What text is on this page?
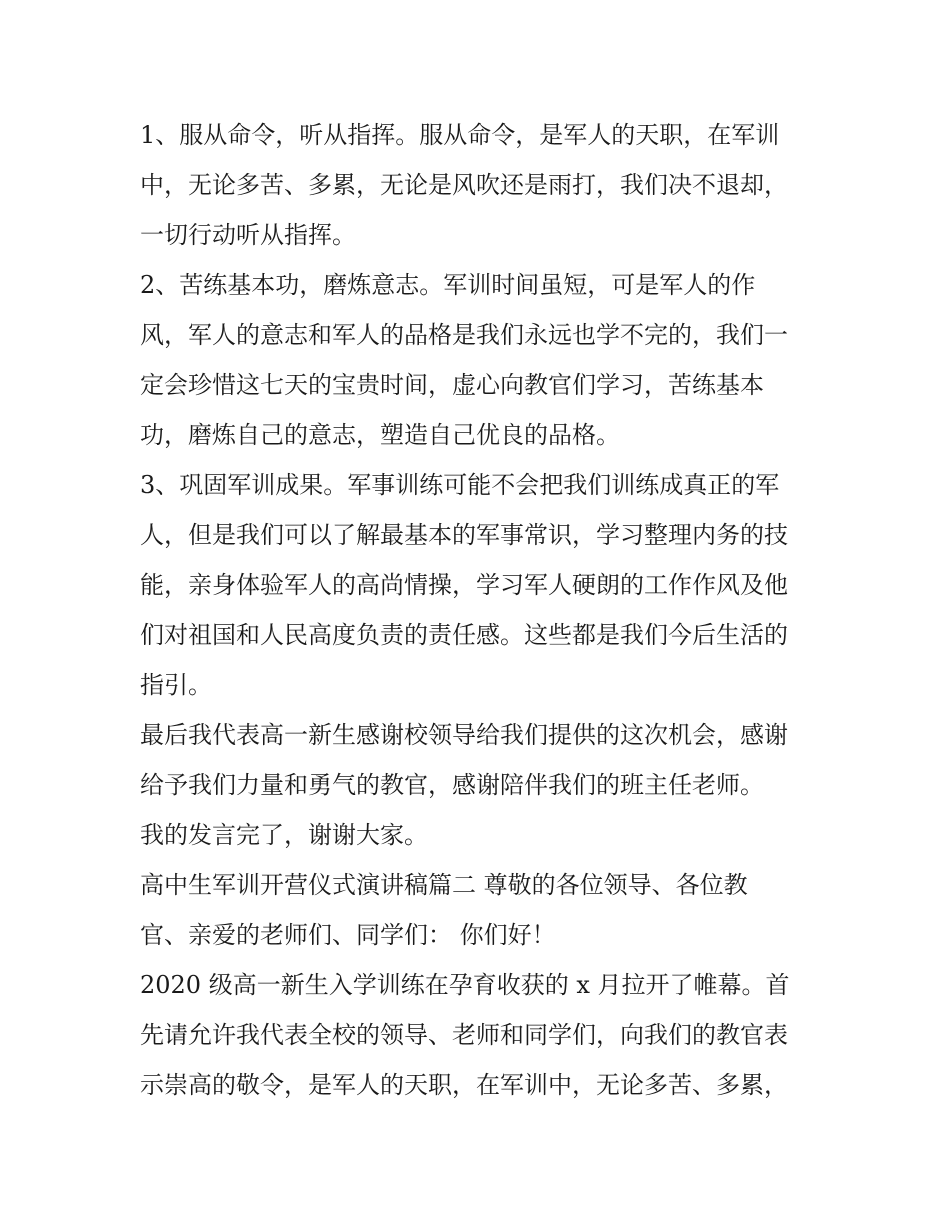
1、服从命令，听从指挥。服从命令，是军人的天职，在军训
中，无论多苦、多累，无论是风吹还是雨打，我们决不退却，
一切行动听从指挥。
2、苦练基本功，磨炼意志。军训时间虽短，可是军人的作
风，军人的意志和军人的品格是我们永远也学不完的，我们一
定会珍惜这七天的宝贵时间，虚心向教官们学习，苦练基本
功，磨炼自己的意志，塑造自己优良的品格。
3、巩固军训成果。军事训练可能不会把我们训练成真正的军
人，但是我们可以了解最基本的军事常识，学习整理内务的技
能，亲身体验军人的高尚情操，学习军人硬朗的工作作风及他
们对祖国和人民高度负责的责任感。这些都是我们今后生活的
指引。
最后我代表高一新生感谢校领导给我们提供的这次机会，感谢
给予我们力量和勇气的教官，感谢陪伴我们的班主任老师。
我的发言完了，谢谢大家。
高中生军训开营仪式演讲稿篇二 尊敬的各位领导、各位教
官、亲爱的老师们、同学们： 你们好！
2020 级高一新生入学训练在孕育收获的 x 月拉开了帷幕。首
先请允许我代表全校的领导、老师和同学们，向我们的教官表
示崇高的敬令，是军人的天职，在军训中，无论多苦、多累，
